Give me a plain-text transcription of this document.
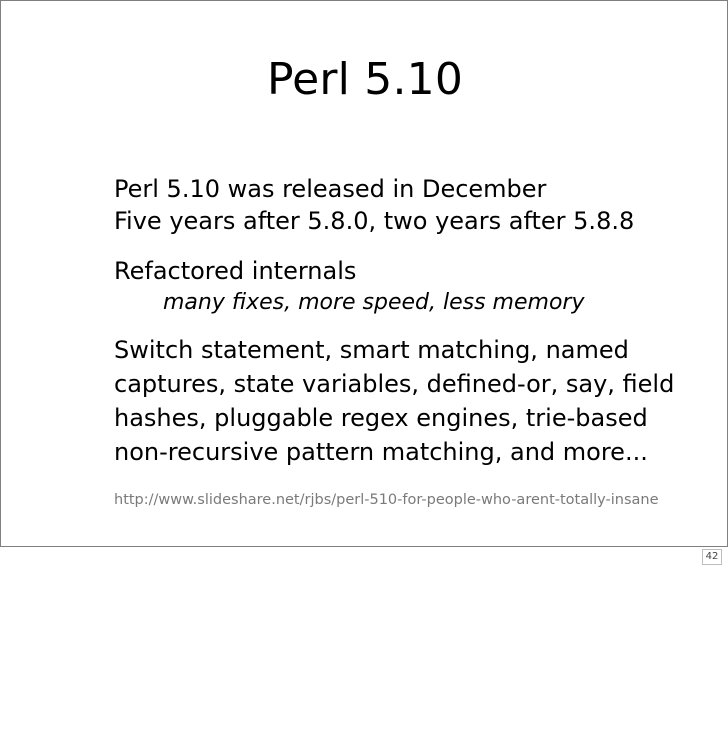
Perl 5.10
Perl 5.10 was released in December
Five years after 5.8.0, two years after 5.8.8
Refactored internals
many fixes, more speed, less memory
Switch statement, smart matching, named
captures, state variables, defined-or, say, field
hashes, pluggable regex engines, trie-based
non-recursive pattern matching, and more...
http://www.slideshare.net/rjbs/perl-510-for-people-who-arent-totally-insane
42
